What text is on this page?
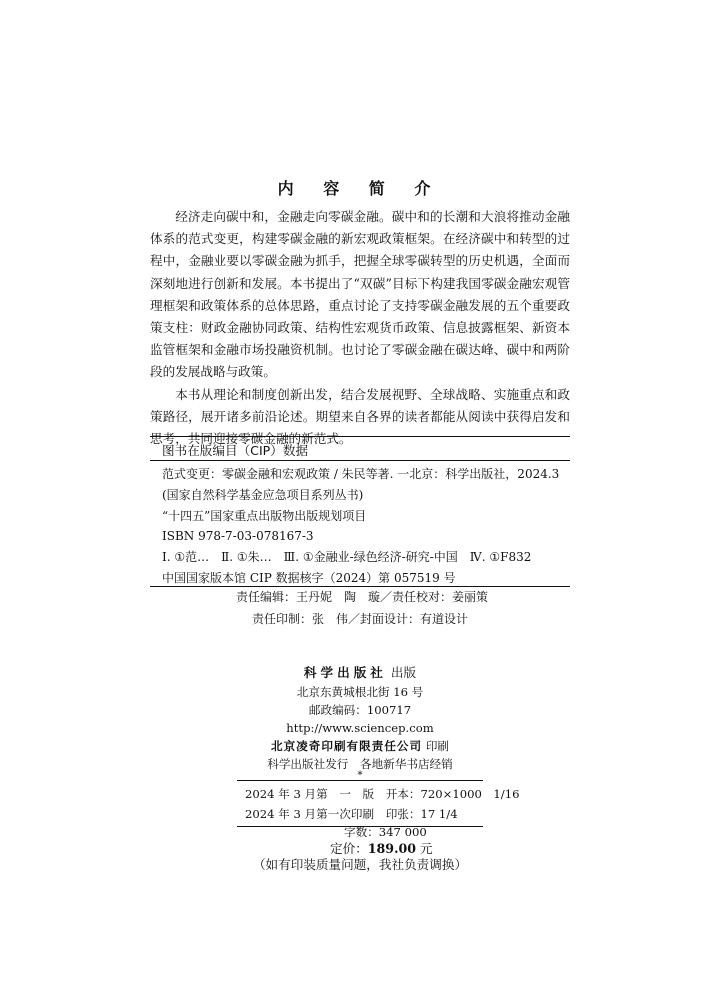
内 容 简 介

经济走向碳中和，金融走向零碳金融。碳中和的长潮和大浪将推动金融体系的范式变更，构建零碳金融的新宏观政策框架。在经济碳中和转型的过程中，金融业要以零碳金融为抓手，把握全球零碳转型的历史机遇，全面而深刻地进行创新和发展。本书提出了“双碳”目标下构建我国零碳金融宏观管理框架和政策体系的总体思路，重点讨论了支持零碳金融发展的五个重要政策支柱：财政金融协同政策、结构性宏观货币政策、信息披露框架、新资本监管框架和金融市场投融资机制。也讨论了零碳金融在碳达峰、碳中和两阶段的发展战略与政策。

本书从理论和制度创新出发，结合发展视野、全球战略、实施重点和政策路径，展开诸多前沿论述。期望来自各界的读者都能从阅读中获得启发和思考，共同迎接零碳金融的新范式。

图书在版编目（CIP）数据
范式变更：零碳金融和宏观政策 / 朱民等著. 一北京：科学出版社，2024.3
(国家自然科学基金应急项目系列丛书)
“十四五”国家重点出版物出版规划项目
ISBN 978-7-03-078167-3
Ⅰ. ①范…　Ⅱ. ①朱…　Ⅲ. ①金融业-绿色经济-研究-中国　Ⅳ. ①F832
中国国家版本馆 CIP 数据核字（2024）第 057519 号
责任编辑：王丹妮　陶　璇／责任校对：姜丽策
责任印制：张　伟／封面设计：有道设计
科学出版社 出版
北京东黄城根北街 16 号
邮政编码：100717
http://www.sciencep.com
北京凌奇印刷有限责任公司 印刷
科学出版社发行　各地新华书店经销
*
2024 年 3 月第　一　版　开本：720×1000　1/16
2024 年 3 月第一次印刷　印张：17 1/4
字数：347 000
定价：189.00 元
（如有印装质量问题，我社负责调换）
